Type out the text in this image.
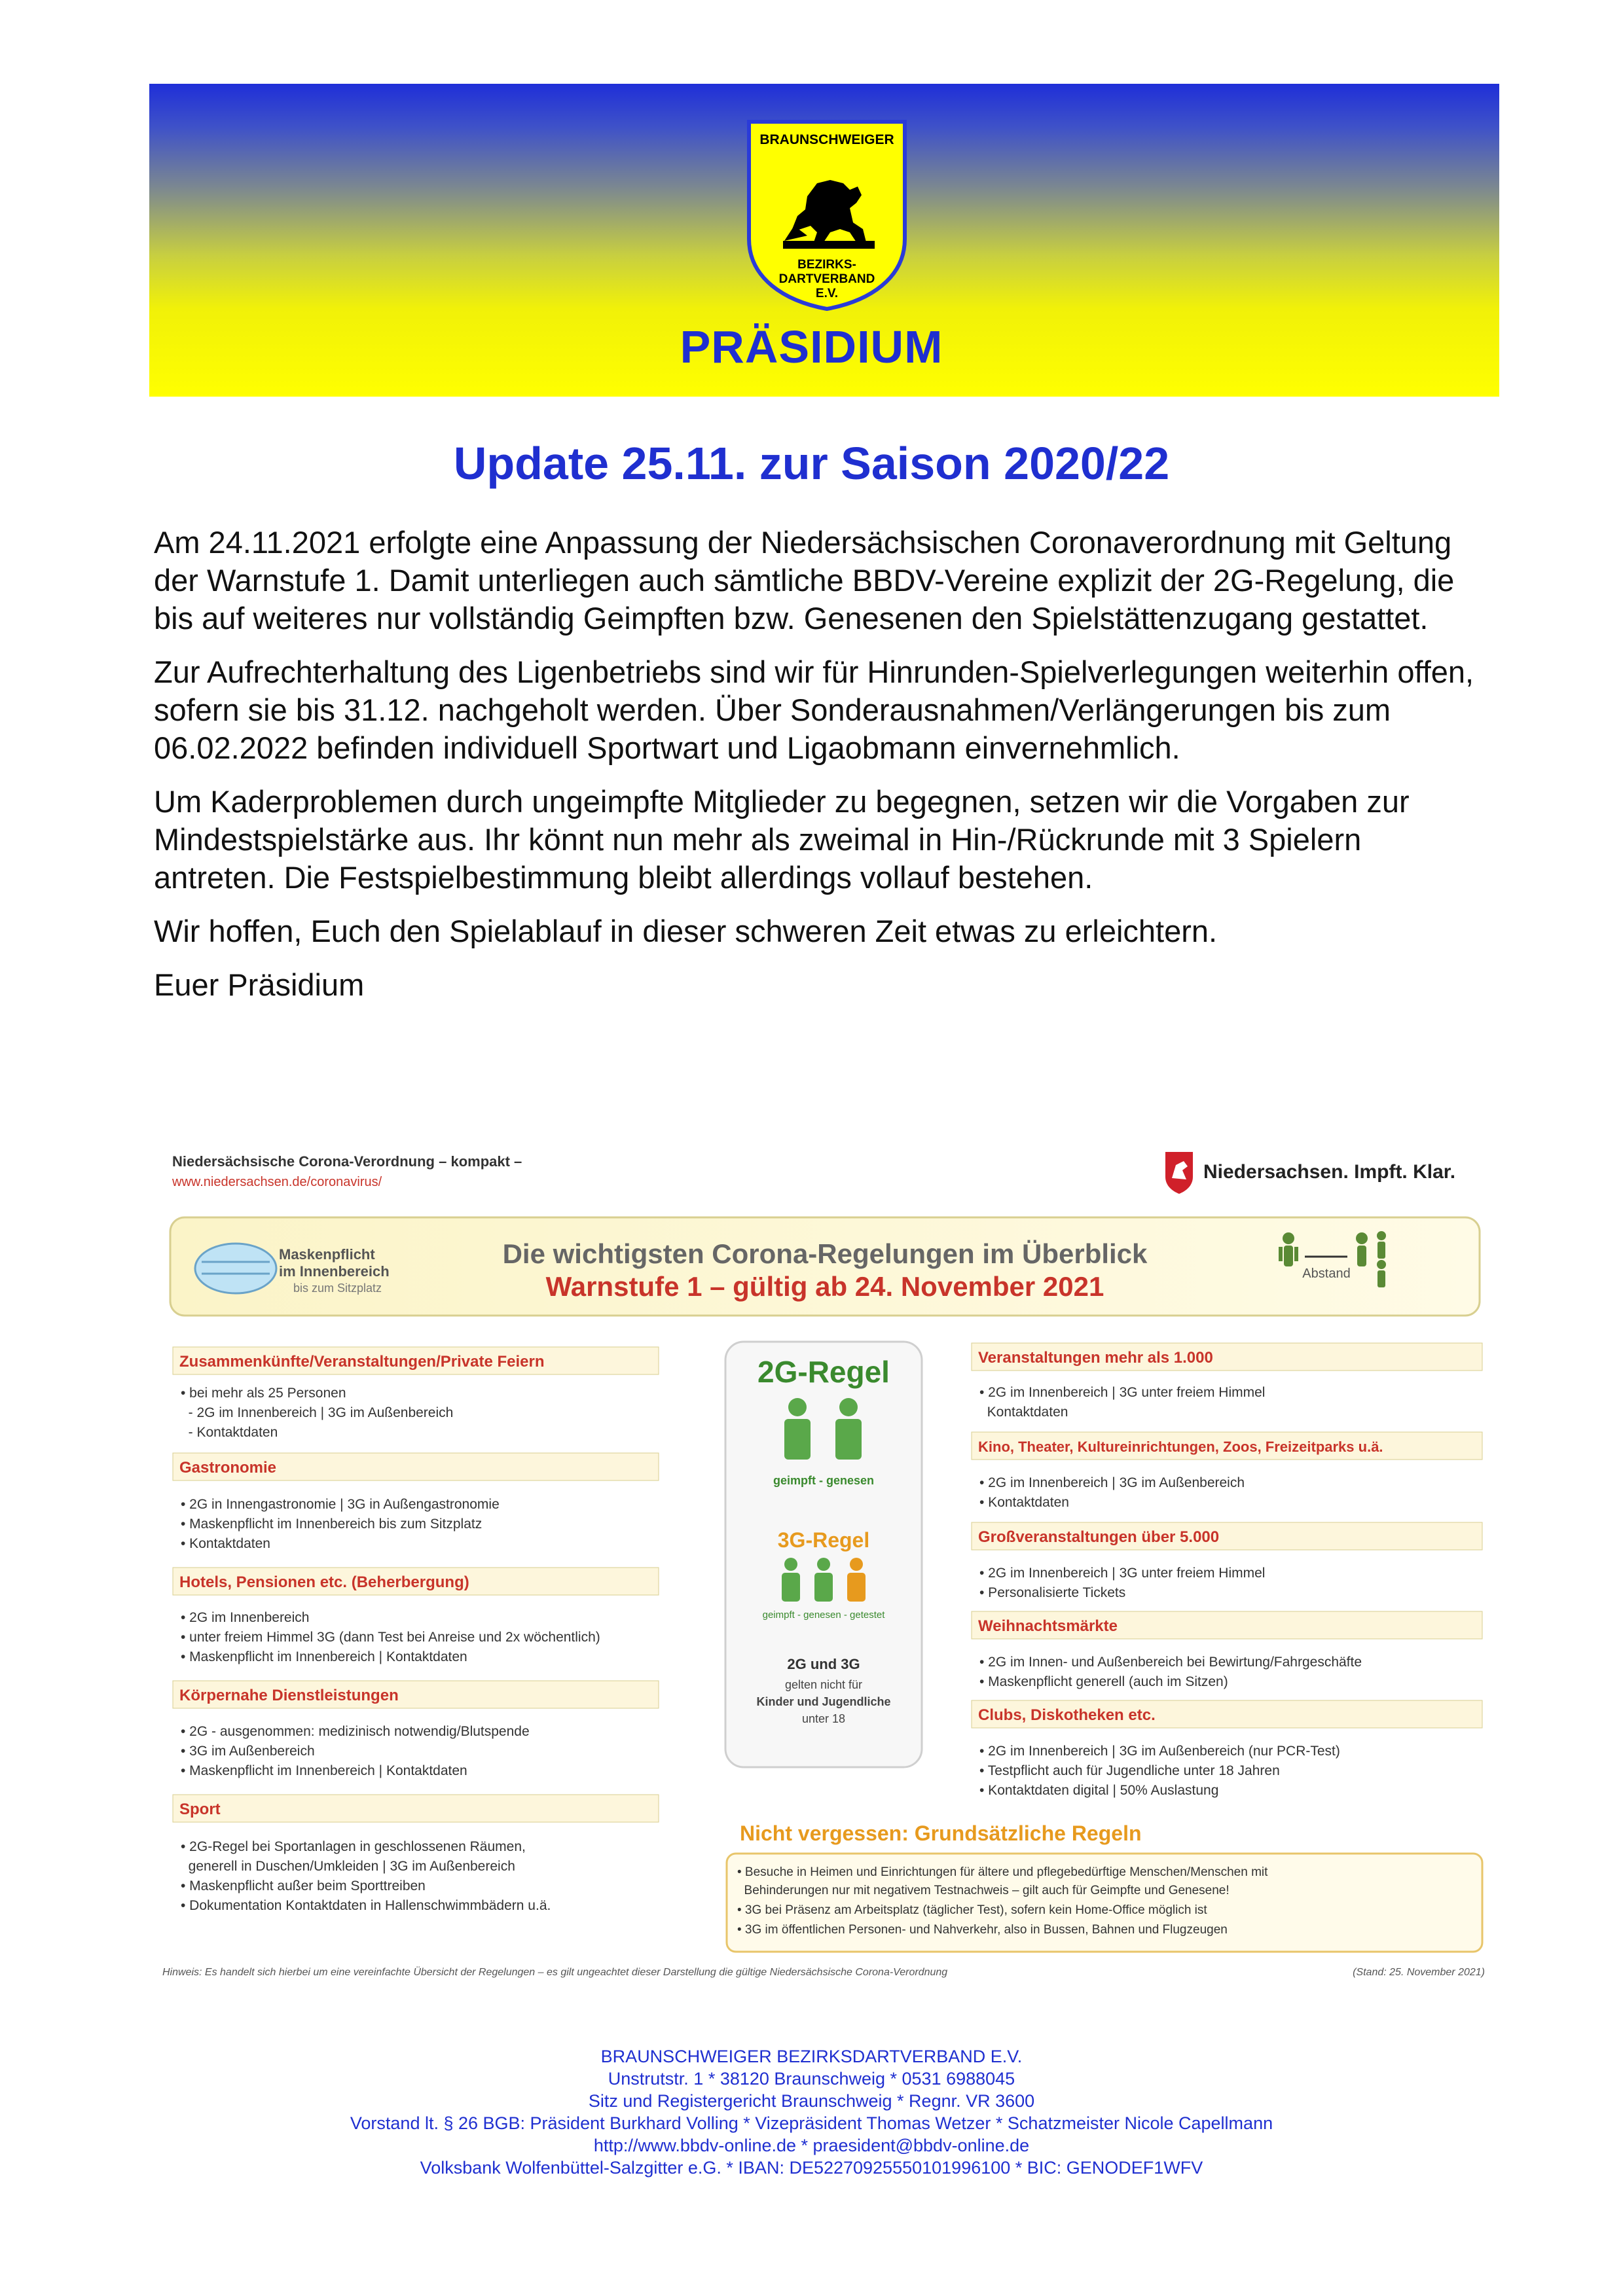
BRAUNSCHWEIGER
BEZIRKS-
DARTVERBAND
E.V.
PRÄSIDIUM
Update 25.11. zur Saison 2020/22

Am 24.11.2021 erfolgte eine Anpassung der Niedersächsischen Coronaverordnung mit Geltung der Warnstufe 1. Damit unterliegen auch sämtliche BBDV-Vereine explizit der 2G-Regelung, die bis auf weiteres nur vollständig Geimpften bzw. Genesenen den Spielstättenzugang gestattet.

Zur Aufrechterhaltung des Ligenbetriebs sind wir für Hinrunden-Spielverlegungen weiterhin offen, sofern sie bis 31.12. nachgeholt werden. Über Sonderausnahmen/Verlängerungen bis zum 06.02.2022 befinden individuell Sportwart und Ligaobmann einvernehmlich.

Um Kaderproblemen durch ungeimpfte Mitglieder zu begegnen, setzen wir die Vorgaben zur Mindestspielstärke aus. Ihr könnt nun mehr als zweimal in Hin-/Rückrunde mit 3 Spielern antreten. Die Festspielbestimmung bleibt allerdings vollauf bestehen.

Wir hoffen, Euch den Spielablauf in dieser schweren Zeit etwas zu erleichtern.

Euer Präsidium

Niedersächsische Corona-Verordnung – kompakt –
www.niedersachsen.de/coronavirus/	Niedersachsen. Impft. Klar.
Maskenpflicht
im Innenbereich
bis zum Sitzplatz
Die wichtigsten Corona-Regelungen im Überblick
Warnstufe 1 – gültig ab 24. November 2021	Abstand
Zusammenkünfte/Veranstaltungen/Private Feiern
• bei mehr als 25 Personen
- 2G im Innenbereich | 3G im Außenbereich
- Kontaktdaten
Gastronomie
• 2G in Innengastronomie | 3G in Außengastronomie
• Maskenpflicht im Innenbereich bis zum Sitzplatz
• Kontaktdaten
Hotels, Pensionen etc. (Beherbergung)
• 2G im Innenbereich
• unter freiem Himmel 3G (dann Test bei Anreise und 2x wöchentlich)
• Maskenpflicht im Innenbereich | Kontaktdaten
Körpernahe Dienstleistungen
• 2G - ausgenommen: medizinisch notwendig/Blutspende
• 3G im Außenbereich
• Maskenpflicht im Innenbereich | Kontaktdaten
Sport
• 2G-Regel bei Sportanlagen in geschlossenen Räumen,
generell in Duschen/Umkleiden | 3G im Außenbereich
• Maskenpflicht außer beim Sporttreiben
• Dokumentation Kontaktdaten in Hallenschwimmbädern u.ä.
2G-Regel
geimpft - genesen
3G-Regel
geimpft - genesen - getestet
2G und 3G
gelten nicht für
Kinder und Jugendliche
unter 18
Veranstaltungen mehr als 1.000
• 2G im Innenbereich | 3G unter freiem Himmel
Kontaktdaten
Kino, Theater, Kultureinrichtungen, Zoos, Freizeitparks u.ä.
• 2G im Innenbereich | 3G im Außenbereich
• Kontaktdaten
Großveranstaltungen über 5.000
• 2G im Innenbereich | 3G unter freiem Himmel
• Personalisierte Tickets
Weihnachtsmärkte
• 2G im Innen- und Außenbereich bei Bewirtung/Fahrgeschäfte
• Maskenpflicht generell (auch im Sitzen)
Clubs, Diskotheken etc.
• 2G im Innenbereich | 3G im Außenbereich (nur PCR-Test)
• Testpflicht auch für Jugendliche unter 18 Jahren
• Kontaktdaten digital | 50% Auslastung
Nicht vergessen: Grundsätzliche Regeln
• Besuche in Heimen und Einrichtungen für ältere und pflegebedürftige Menschen/Menschen mit
Behinderungen nur mit negativem Testnachweis – gilt auch für Geimpfte und Genesene!
• 3G bei Präsenz am Arbeitsplatz (täglicher Test), sofern kein Home-Office möglich ist
• 3G im öffentlichen Personen- und Nahverkehr, also in Bussen, Bahnen und Flugzeugen
Hinweis: Es handelt sich hierbei um eine vereinfachte Übersicht der Regelungen – es gilt ungeachtet dieser Darstellung die gültige Niedersächsische Corona-Verordnung	(Stand: 25. November 2021)
BRAUNSCHWEIGER BEZIRKSDARTVERBAND E.V.
Unstrutstr. 1 * 38120 Braunschweig * 0531 6988045
Sitz und Registergericht Braunschweig * Regnr. VR 3600
Vorstand lt. § 26 BGB: Präsident Burkhard Volling * Vizepräsident Thomas Wetzer * Schatzmeister Nicole Capellmann
http://www.bbdv-online.de * praesident@bbdv-online.de
Volksbank Wolfenbüttel-Salzgitter e.G. * IBAN: DE52270925550101996100 * BIC: GENODEF1WFV
